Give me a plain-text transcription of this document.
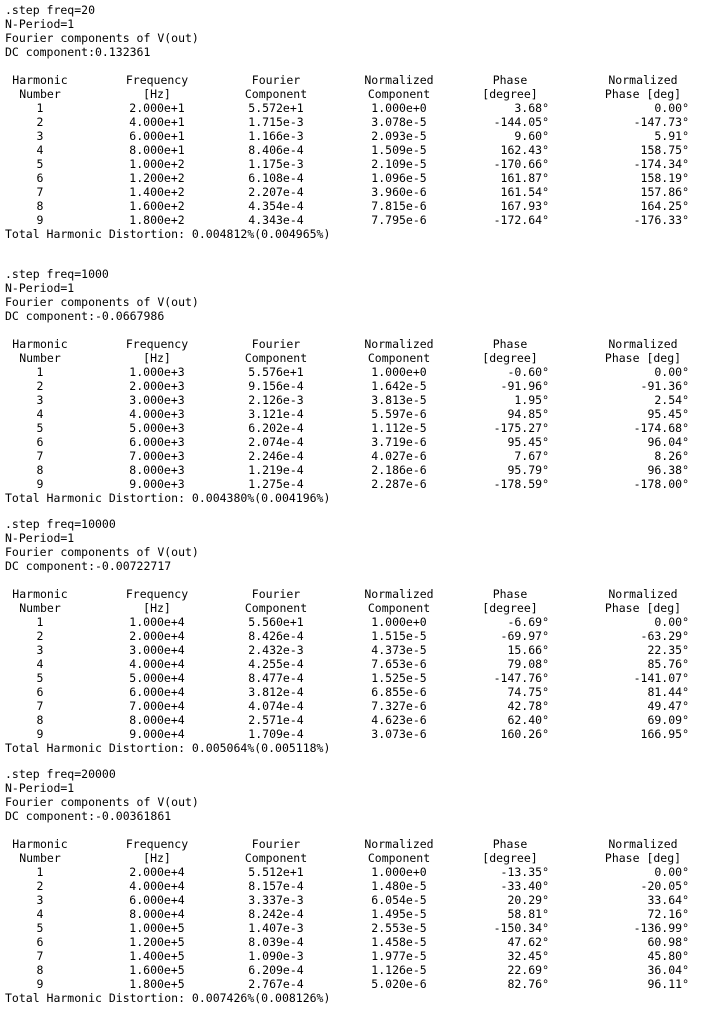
.step freq=20
N-Period=1
Fourier components of V(out)
DC component:0.132361
Harmonic	Frequency	Fourier	Normalized	Phase	Normalized
Number	[Hz]	Component	Component	[degree]	Phase [deg]
1	2.000e+1	5.572e+1	1.000e+0	3.68°	0.00°
2	4.000e+1	1.715e-3	3.078e-5	-144.05°	-147.73°
3	6.000e+1	1.166e-3	2.093e-5	9.60°	5.91°
4	8.000e+1	8.406e-4	1.509e-5	162.43°	158.75°
5	1.000e+2	1.175e-3	2.109e-5	-170.66°	-174.34°
6	1.200e+2	6.108e-4	1.096e-5	161.87°	158.19°
7	1.400e+2	2.207e-4	3.960e-6	161.54°	157.86°
8	1.600e+2	4.354e-4	7.815e-6	167.93°	164.25°
9	1.800e+2	4.343e-4	7.795e-6	-172.64°	-176.33°
Total Harmonic Distortion: 0.004812%(0.004965%)
.step freq=1000
N-Period=1
Fourier components of V(out)
DC component:-0.0667986
Harmonic	Frequency	Fourier	Normalized	Phase	Normalized
Number	[Hz]	Component	Component	[degree]	Phase [deg]
1	1.000e+3	5.576e+1	1.000e+0	-0.60°	0.00°
2	2.000e+3	9.156e-4	1.642e-5	-91.96°	-91.36°
3	3.000e+3	2.126e-3	3.813e-5	1.95°	2.54°
4	4.000e+3	3.121e-4	5.597e-6	94.85°	95.45°
5	5.000e+3	6.202e-4	1.112e-5	-175.27°	-174.68°
6	6.000e+3	2.074e-4	3.719e-6	95.45°	96.04°
7	7.000e+3	2.246e-4	4.027e-6	7.67°	8.26°
8	8.000e+3	1.219e-4	2.186e-6	95.79°	96.38°
9	9.000e+3	1.275e-4	2.287e-6	-178.59°	-178.00°
Total Harmonic Distortion: 0.004380%(0.004196%)
.step freq=10000
N-Period=1
Fourier components of V(out)
DC component:-0.00722717
Harmonic	Frequency	Fourier	Normalized	Phase	Normalized
Number	[Hz]	Component	Component	[degree]	Phase [deg]
1	1.000e+4	5.560e+1	1.000e+0	-6.69°	0.00°
2	2.000e+4	8.426e-4	1.515e-5	-69.97°	-63.29°
3	3.000e+4	2.432e-3	4.373e-5	15.66°	22.35°
4	4.000e+4	4.255e-4	7.653e-6	79.08°	85.76°
5	5.000e+4	8.477e-4	1.525e-5	-147.76°	-141.07°
6	6.000e+4	3.812e-4	6.855e-6	74.75°	81.44°
7	7.000e+4	4.074e-4	7.327e-6	42.78°	49.47°
8	8.000e+4	2.571e-4	4.623e-6	62.40°	69.09°
9	9.000e+4	1.709e-4	3.073e-6	160.26°	166.95°
Total Harmonic Distortion: 0.005064%(0.005118%)
.step freq=20000
N-Period=1
Fourier components of V(out)
DC component:-0.00361861
Harmonic	Frequency	Fourier	Normalized	Phase	Normalized
Number	[Hz]	Component	Component	[degree]	Phase [deg]
1	2.000e+4	5.512e+1	1.000e+0	-13.35°	0.00°
2	4.000e+4	8.157e-4	1.480e-5	-33.40°	-20.05°
3	6.000e+4	3.337e-3	6.054e-5	20.29°	33.64°
4	8.000e+4	8.242e-4	1.495e-5	58.81°	72.16°
5	1.000e+5	1.407e-3	2.553e-5	-150.34°	-136.99°
6	1.200e+5	8.039e-4	1.458e-5	47.62°	60.98°
7	1.400e+5	1.090e-3	1.977e-5	32.45°	45.80°
8	1.600e+5	6.209e-4	1.126e-5	22.69°	36.04°
9	1.800e+5	2.767e-4	5.020e-6	82.76°	96.11°
Total Harmonic Distortion: 0.007426%(0.008126%)
